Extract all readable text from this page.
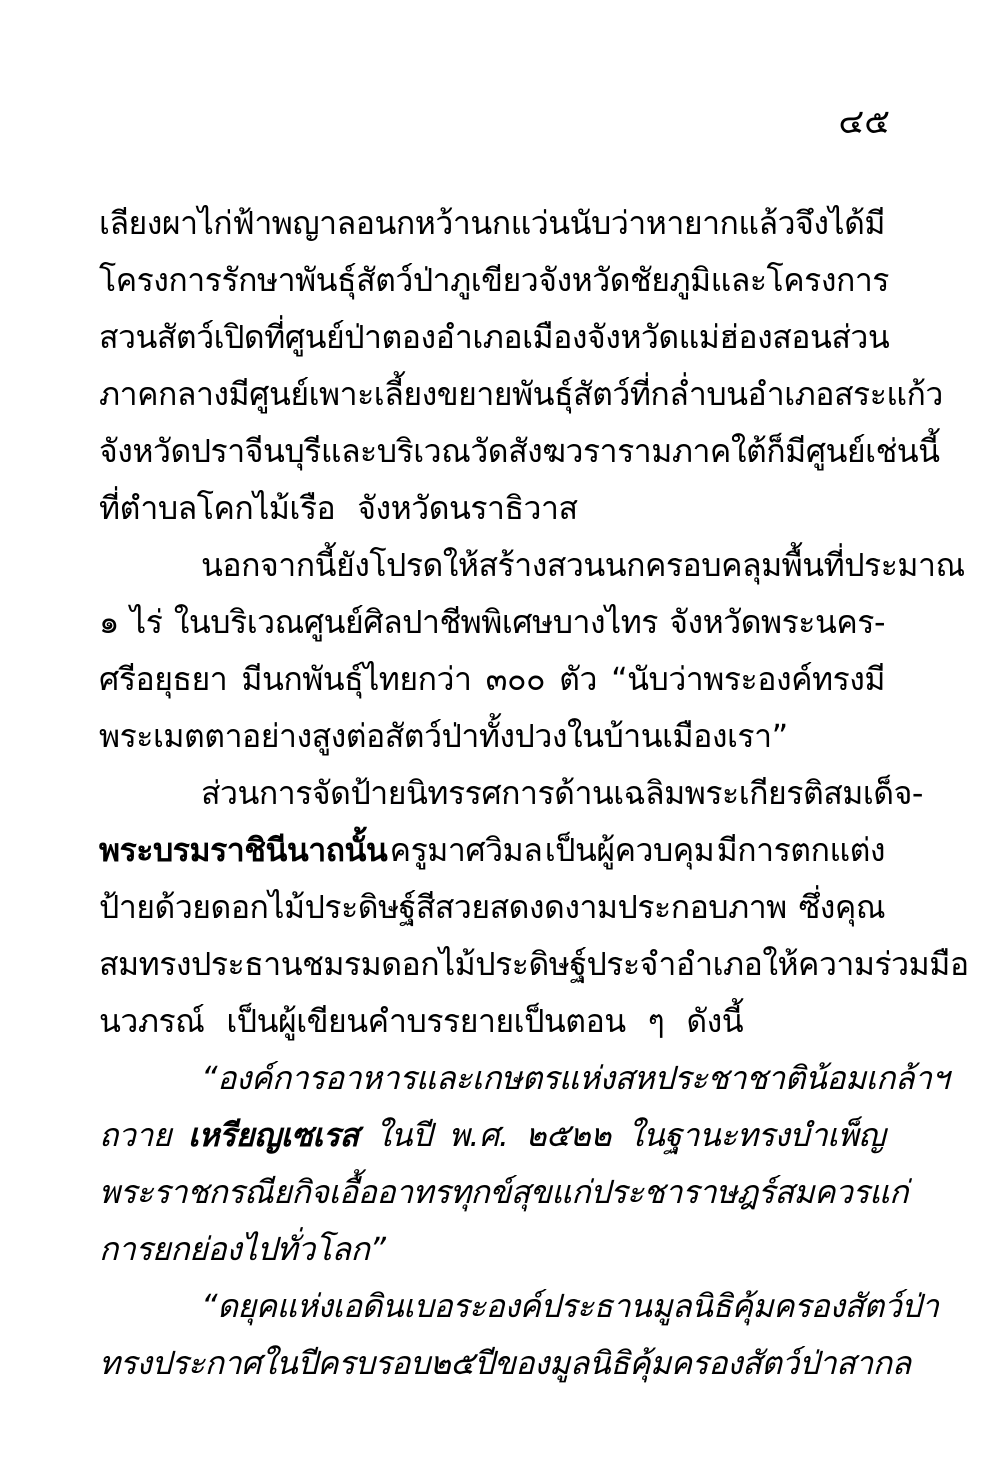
๔๕
เลียงผา ไก่ฟ้าพญาลอ นกหว้า นกแว่น นับว่าหายากแล้วจึงได้มี
โครงการรักษาพันธุ์สัตว์ป่าภูเขียว จังหวัดชัยภูมิ และโครงการ
สวนสัตว์เปิดที่ศูนย์ป่าตอง อำเภอเมือง จังหวัดแม่ฮ่องสอน ส่วน
ภาคกลางมีศูนย์เพาะเลี้ยงขยายพันธุ์สัตว์ที่กล่ำบน อำเภอสระแก้ว
จังหวัดปราจีนบุรีและบริเวณวัดสังฆวราราม ภาคใต้ก็มีศูนย์เช่นนี้
ที่ตำบลโคกไม้เรือ จังหวัดนราธิวาส
นอกจากนี้ยังโปรดให้สร้างสวนนกครอบคลุมพื้นที่ประมาณ
๑ ไร่ ในบริเวณศูนย์ศิลปาชีพพิเศษบางไทร จังหวัดพระนคร-
ศรีอยุธยา มีนกพันธุ์ไทยกว่า ๓๐๐ ตัว “นับว่าพระองค์ทรงมี
พระเมตตาอย่างสูงต่อสัตว์ป่าทั้งปวงในบ้านเมืองเรา”
ส่วนการจัดป้ายนิทรรศการด้านเฉลิมพระเกียรติสมเด็จ-
พระบรมราชินีนาถนั้น ครูมาศวิมล เป็นผู้ควบคุม มีการตกแต่ง
ป้ายด้วยดอกไม้ประดิษฐ์สีสวยสดงดงามประกอบภาพ ซึ่งคุณ
สมทรง ประธานชมรมดอกไม้ประดิษฐ์ประจำอำเภอให้ความร่วมมือ
นวภรณ์ เป็นผู้เขียนคำบรรยายเป็นตอน ๆ ดังนี้
“องค์การอาหารและเกษตรแห่งสหประชาชาติ น้อมเกล้าฯ
ถวาย เหรียญเซเรส ในปี พ.ศ. ๒๕๒๒ ในฐานะทรงบำเพ็ญ
พระราชกรณียกิจเอื้ออาทรทุกข์สุขแก่ประชาราษฎร์ สมควรแก่
การยกย่องไปทั่วโลก”
“ดยุคแห่งเอดินเบอระ องค์ประธานมูลนิธิคุ้มครองสัตว์ป่า
ทรงประกาศในปีครบรอบ ๒๕ ปี ของมูลนิธิคุ้มครองสัตว์ป่าสากล
